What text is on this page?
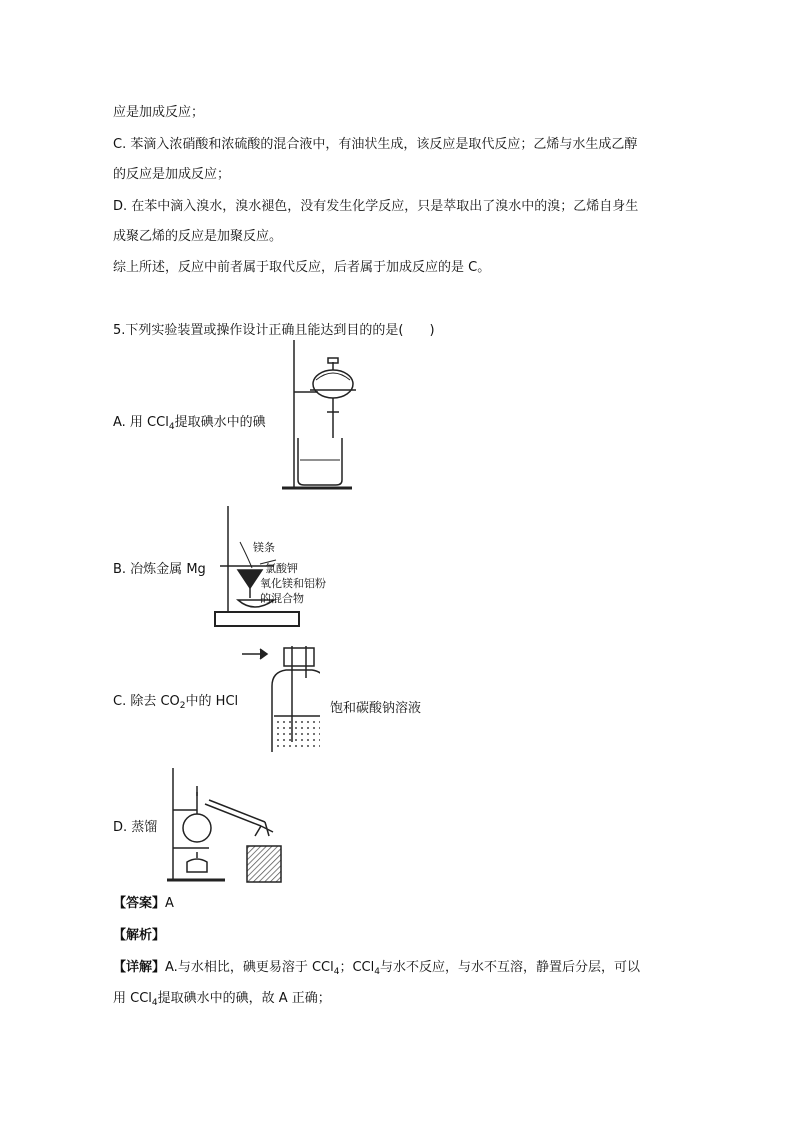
应是加成反应；
C. 苯滴入浓硝酸和浓硫酸的混合液中，有油状生成，该反应是取代反应；乙烯与水生成乙醇
的反应是加成反应；
D. 在苯中滴入溴水，溴水褪色，没有发生化学反应，只是萃取出了溴水中的溴；乙烯自身生
成聚乙烯的反应是加聚反应。
综上所述，反应中前者属于取代反应，后者属于加成反应的是 C。
5.下列实验装置或操作设计正确且能达到目的的是(　　)
A. 用 CCl$_4$提取碘水中的碘
B. 冶炼金属 Mg
镁条
氯酸钾
氧化镁和铝粉
的混合物
C. 除去 $CO_2$中的 HCl	饱和碳酸钠溶液
D. 蒸馏
【答案】A
【解析】
【详解】A.与水相比，碘更易溶于 CCl$_4$；CCl$_4$与水不反应，与水不互溶，静置后分层，可以
用 CCl$_4$提取碘水中的碘，故 A 正确；
